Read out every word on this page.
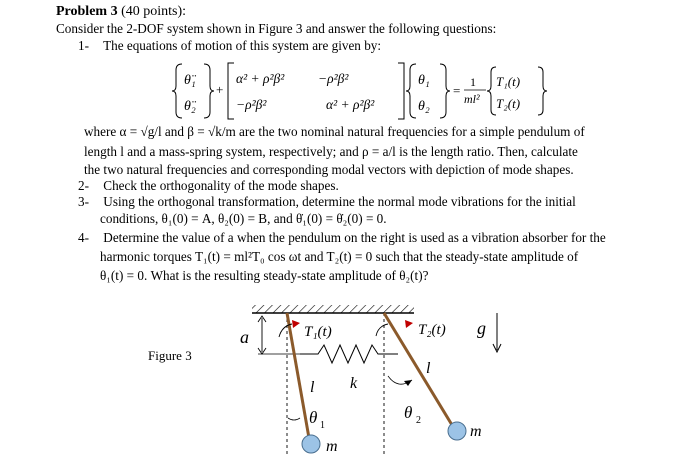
Problem 3 (40 points):
Consider the 2-DOF system shown in Figure 3 and answer the following questions:
1- The equations of motion of this system are given by:
θ̈₁
θ̈₂
+
α² + ρ²β² −ρ²β²
−ρ²β²	α² + ρ²β²
θ₁
θ₂
=
1
ml²
T₁(t)
T₂(t)
where α = √g/l and β = √k/m are the two nominal natural frequencies for a simple pendulum of
length l and a mass-spring system, respectively; and ρ = a/l is the length ratio. Then, calculate
the two natural frequencies and corresponding modal vectors with depiction of mode shapes.
2- Check the orthogonality of the mode shapes.
3- Using the orthogonal transformation, determine the normal mode vibrations for the initial
conditions, θ₁(0) = A, θ₂(0) = B, and θ̇₁(0) = θ̇₂(0) = 0.
4- Determine the value of a when the pendulum on the right is used as a vibration absorber for the
harmonic torques T₁(t) = ml²T₀ cos ωt and T₂(t) = 0 such that the steady-state amplitude of
θ₁(t) = 0. What is the resulting steady-state amplitude of θ₂(t)?
Figure 3
a
m
m
k
T₁(t)	T₂(t) g
l
l
θ 1
θ 2
